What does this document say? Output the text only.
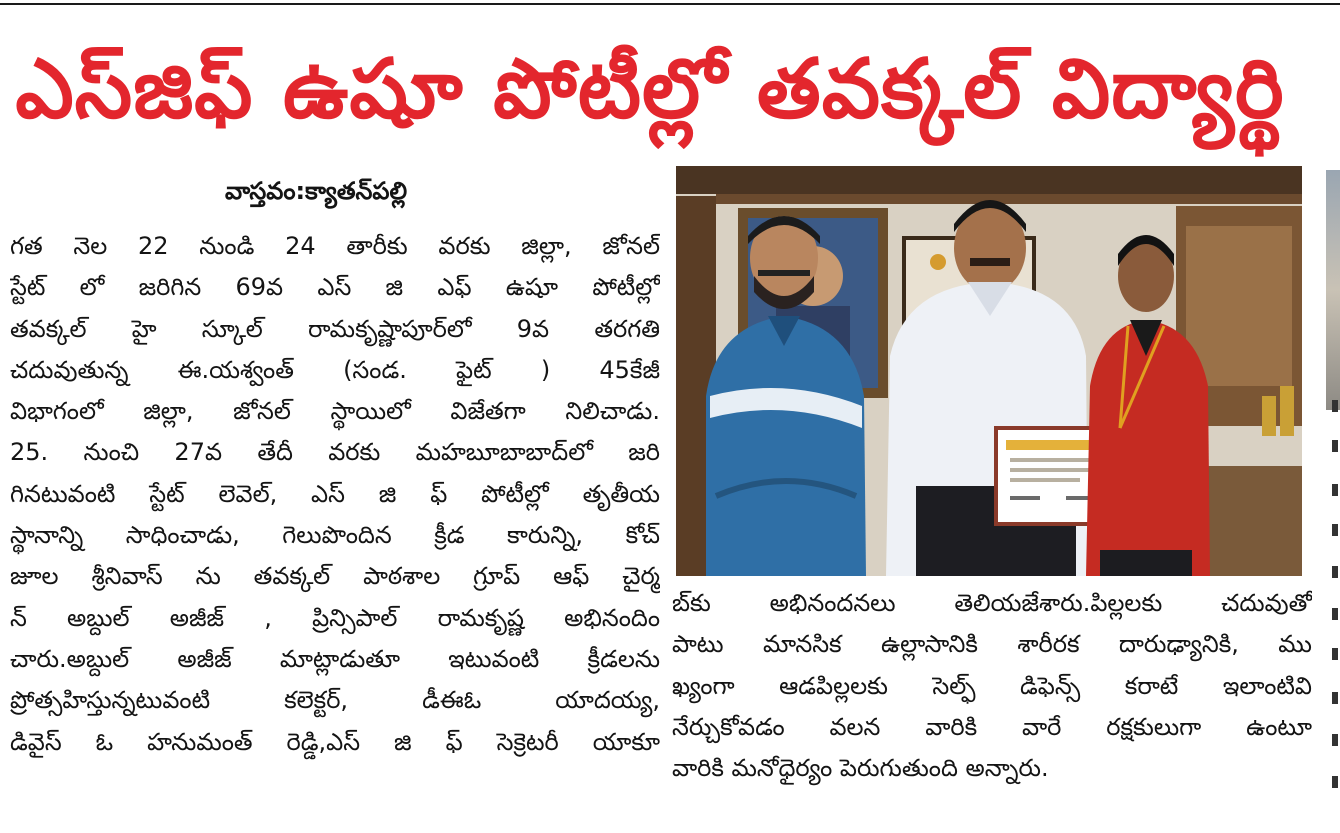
ఎస్‌జిఫ్ ఉషూ పోటీల్లో తవక్కల్ విద్యార్థి
వాస్తవం:క్యాతన్‌పల్లి
గత నెల 22 నుండి 24 తారీకు వరకు జిల్లా, జోనల్
స్టేట్ లో జరిగిన 69వ ఎస్ జి ఎఫ్ ఉషూ పోటీల్లో
తవక్కల్ హై స్కూల్ రామకృష్ణాపూర్‌లో 9వ తరగతి
చదువుతున్న ఈ.యశ్వంత్ (సండ. ఫైట్ ) 45కేజీ
విభాగంలో జిల్లా, జోనల్ స్థాయిలో విజేతగా నిలిచాడు.
25. నుంచి 27వ తేదీ వరకు మహబూబాబాద్‌లో జరి
గినటువంటి స్టేట్ లెవెల్, ఎస్ జి ఫ్ పోటీల్లో తృతీయ
స్థానాన్ని సాధించాడు, గెలుపొందిన క్రీడ కారున్ని, కోచ్
జూల శ్రీనివాస్ ను తవక్కల్ పాఠశాల గ్రూప్ ఆఫ్ చైర్మ
న్ అబ్దుల్ అజీజ్ , ప్రిన్సిపాల్ రామకృష్ణ అభినందిం
చారు.అబ్దుల్ అజీజ్ మాట్లాడుతూ ఇటువంటి క్రీడలను
ప్రోత్సహిస్తున్నటువంటి కలెక్టర్, డీఈఓ యాదయ్య,
డివైస్ ఓ హనుమంత్ రెడ్డి,ఎస్ జి ఫ్ సెక్రెటరీ యాకూ
బ్‌కు అభినందనలు తెలియజేశారు.పిల్లలకు చదువుతో
పాటు మానసిక ఉల్లాసానికి శారీరక దారుఢ్యానికి, ము
ఖ్యంగా ఆడపిల్లలకు సెల్ఫ్ డిఫెన్స్ కరాటే ఇలాంటివి
నేర్చుకోవడం వలన వారికి వారే రక్షకులుగా ఉంటూ
వారికి మనోధైర్యం పెరుగుతుంది అన్నారు.
